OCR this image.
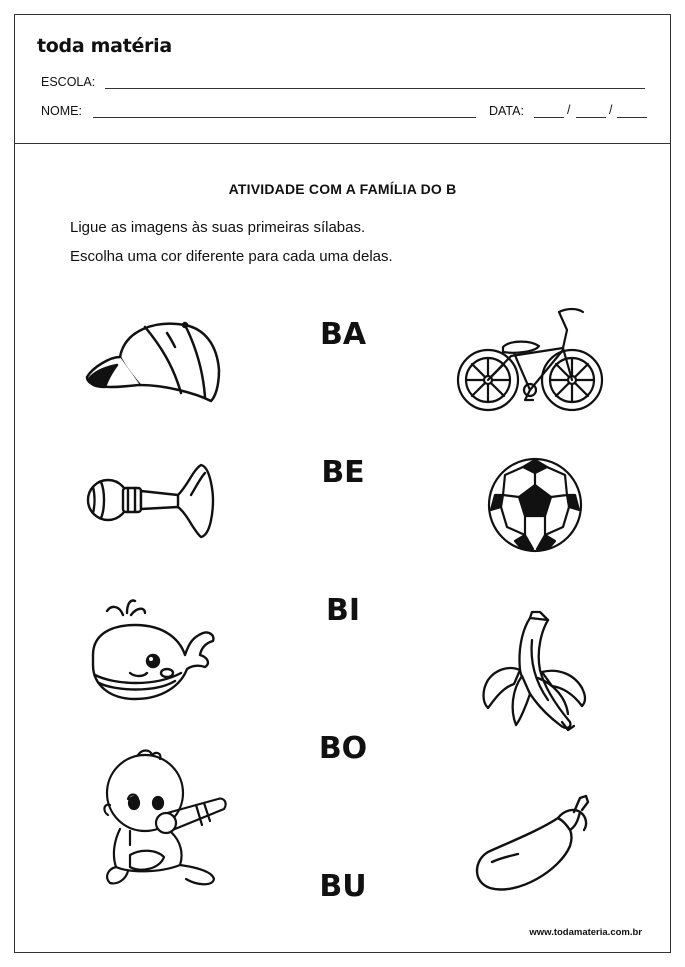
toda matéria
ESCOLA:
NOME:	DATA:	/	/
ATIVIDADE COM A FAMÍLIA DO B
Ligue as imagens às suas primeiras sílabas.
Escolha uma cor diferente para cada uma delas.
BA
BE
BI
BO
BU
www.todamateria.com.br
